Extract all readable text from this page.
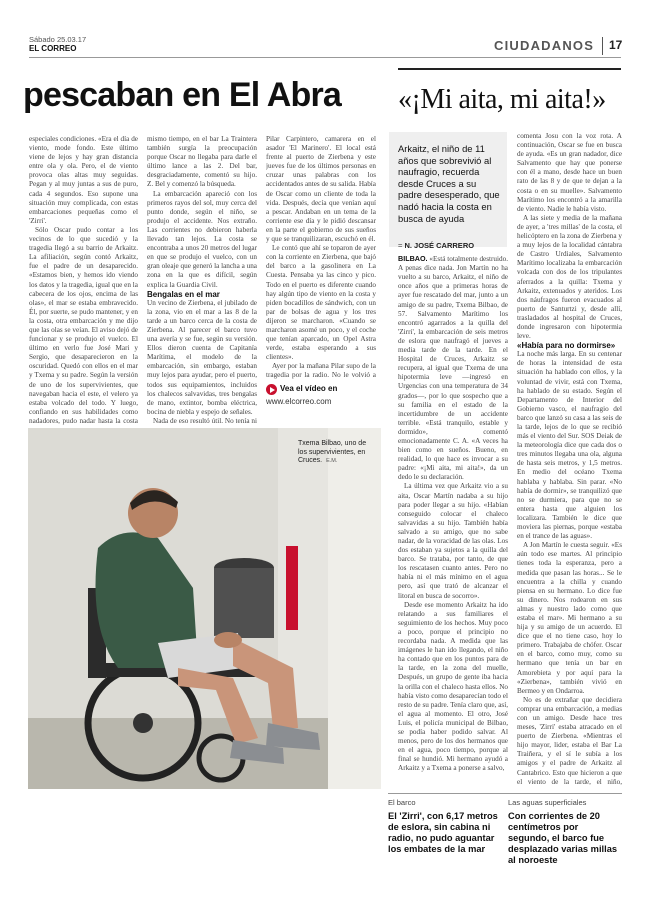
Sábado 25.03.17
EL CORREO	CIUDADANOS 17
pescaban en El Abra

especiales condiciones. «Era el día de viento, mode fondo. Este último viene de lejos y hay gran distancia entre ola y ola. Pero, el de viento provoca olas altas muy seguidas. Pegan y al muy juntas a sus de puro, cada 4 segundos. Eso supone una situación muy complicada, con estas embarcaciones pequeñas como el 'Zirri'.

Sólo Oscar pudo contar a los vecinos de lo que sucedió y la tragedia llegó a su barrio de Arkaitz. La afiliación, según contó Arkaitz, fue el padre de un desaparecido. «Estamos bien, y hemos ido viendo los datos y la tragedia, igual que en la cabecera de los ojos, encima de las olas», el mar se estaba embravecido. Él, por suerte, se pudo mantener, y en la costa, otra embarcación y me dijo que las olas se veían. El aviso dejó de funcionar y se produjo el vuelco. El último en verlo fue José Mari y Sergio, que desaparecieron en la oscuridad. Quedó con ellos en el mar y Txema y su padre. Según la versión de uno de los supervivientes, que navegaban hacia el este, el velero ya estaba volcado del todo. Y luego, confiando en sus habilidades como nadadores, pudo nadar hasta la costa

mismo tiempo, en el bar La Traintera también surgía la preocupación porque Oscar no llegaba para darle el último lance a las 2. Del bar, desgraciadamente, comentó su hijo. Z. Bel y comenzó la búsqueda.

La embarcación apareció con los primeros rayos del sol, muy cerca del punto donde, según el niño, se produjo el accidente. Nos extraño. Las corrientes no debieron haberla llevado tan lejos. La costa se encontraba a unos 20 metros del lugar en que se produjo el vuelco, con un gran oleaje que generó la lancha a una zona en la que es difícil, según explica la Guardia Civil.

Bengalas en el mar

Un vecino de Zierbena, el jubilado de la zona, vio en el mar a las 8 de la tarde a un barco cerca de la costa de Zierbena. Al parecer el barco tuvo una avería y se fue, según su versión. Ellos dieron cuenta de Capitanía Marítima, el modelo de la embarcación, sin embargo, estaban muy lejos para ayudar, pero el puerto, todos sus equipamientos, incluidos los chalecos salvavidas, tres bengalas de mano, extintor, bomba eléctrica, bocina de niebla y espejo de señales.

Nada de eso resultó útil. No tenía ni

Pilar Carpintero, camarera en el asador 'El Marinero'. El local está frente al puerto de Zierbena y este jueves fue de los últimos personas en cruzar unas palabras con los accidentados antes de su salida. Había de Oscar como un cliente de toda la vida. Después, decía que venían aquí a pescar. Andaban en un tema de la corriente ese día y le pidió descansar en la parte el gobierno de sus sueños y que se tranquilizaran, escuchó en él.

Le contó que ahí se toparon de ayer con la corriente en Zierbena, que bajó del barco a la gasolinera en La Cuesta. Pensaba ya las cinco y pico. Todo en el puerto es diferente cuando hay algún tipo de viento en la costa y piden bocadillos de sándwich, con un par de bolsas de agua y los tres dijeron se marcharon. «Cuando se marcharon asomé un poco, y el coche que tenían aparcado, un Opel Astra verde, estaba esperando a sus clientes».

Ayer por la mañana Pilar supo de la tragedia por la radio. No le volvió a

Vea el vídeo en
www.elcorreo.com
Txema Bilbao, uno de los supervivientes, en Cruces. E.M.
«¡Mi aita, mi aita!»
Arkaitz, el niño de 11 años que sobrevivió al naufragio, recuerda desde Cruces a su padre desesperado, que nadó hacia la costa en busca de ayuda

= N. JOSÉ CARRERO

BILBAO. «Está totalmente destruido. A penas dice nada. Jon Martín no ha vuelto a su barco, Arkaitz, el niño de once años que a primeras horas de ayer fue rescatado del mar, junto a un amigo de su padre, Txema Bilbao, de 57. Salvamento Marítimo los encontró agarrados a la quilla del 'Zirri', la embarcación de seis metros de eslora que naufragó el jueves a media tarde de la tarde. En el Hospital de Cruces, Arkaitz se recupera, al igual que Txema de una hipotermia leve —ingresó en Urgencias con una temperatura de 34 grados—, por lo que sospecho que a su familia en el estado de la incertidumbre de un accidente terrible. «Está tranquilo, estable y dormido», comentó emocionadamente C. A. «A veces ha bien como en sueños. Bueno, en realidad, lo que hace es invocar a su padre: «¡Mi aita, mi aita!», da un dedo le su declaración.

La última vez que Arkaitz vio a su aita, Oscar Martín nadaba a su hijo para poder llegar a su hijo. «Habían conseguido colocar el chaleco salvavidas a su hijo. También había salvado a su amigo, que no sabe nadar, de la voracidad de las olas. Los dos estaban ya sujetos a la quilla del barco. Se trataba, por tanto, de que los rescatasen cuanto antes. Pero no había ni el más mínimo en el agua pero, así que trató de alcanzar el litoral en busca de socorro».

Desde ese momento Arkaitz ha ido relatando a sus familiares el seguimiento de los hechos. Muy poco a poco, porque el principio no recordaba nada. A medida que las imágenes le han ido llegando, el niño ha contado que en los puntos para de la tarde, en la zona del muelle, Después, un grupo de gente iba hacia la orilla con el chaleco hasta ellos. No había visto como desaparecían todo el resto de su padre. Tenía claro que, así, el agua al momento. El otro, José Luis, el policía municipal de Bilbao, se podía haber podido salvar. Al menos, pero de los dos hermanos que en el agua, poco tiempo, porque al final se hundió. Mi hermano ayudó a Arkaitz y a Txema a ponerse a salvo,

comenta Josu con la voz rota. A continuación, Oscar se fue en busca de ayuda. «Es un gran nadador, dice Salvamento que hay que ponerse con él a mano, desde hace un buen rato de las 8 y de que te dejan a la costa o en su muelle». Salvamento Marítimo los encontró a la amarilla de viento. Nadie le había visto.

A las siete y media de la mañana de ayer, a 'tres millas' de la costa, el helicóptero en la zona de Zierbena y a muy lejos de la localidad cántabra de Castro Urdiales, Salvamento Marítimo localizaba la embarcación volcada con dos de los tripulantes aferrados a la quilla: Txema y Arkaitz, extenuados y ateridos. Los dos náufragos fueron evacuados al puerto de Santurtzi y, desde allí, trasladados al hospital de Cruces, donde ingresaron con hipotermia leve.

«Había para no dormirse»

La noche más larga. En su centenar de horas la intensidad de esta situación ha hablado con ellos, y la voluntad de vivir, está con Txema, ha hablado de su estado. Según el Departamento de Interior del Gobierno vasco, el naufragio del barco que lanzó su casa a las seis de la tarde, lejos de lo que se recibió más el viento del Sur. SOS Deiak de la meteorología dice que cada dos o tres minutos llegaba una ola, alguna de hasta seis metros, y 1,5 metros. En medio del océano Txema hablaba y hablaba. Sin parar. «No había de dormir», se tranquilizó que no se durmiera, para que no se entera hasta que alguien los localizara. También le dice que moviera las piernas, porque «estaba en el trance de las aguas».

A Jon Martín le cuesta seguir. «Es aún todo ese martes. Al principio tienes toda la esperanza, pero a medida que pasan las horas... Se le encuentra a la chilla y cuando piensa en su hermano. Lo dice fue su dinero. Nos rodearon en sus almas y nuestro lado como que estaba el mar». Mi hermano a su hija y su amigo de un acuerdo. El dice que el no tiene caso, hoy lo primero. Trabajaba de chófer. Oscar en el barco, como muy, como su hermano que tenía un bar en Amorebieta y por aquí para la «Zierbena», también vivió en Bermeo y en Ondarroa.

No es de extrañar que decidiera comprar una embarcación, a medias con un amigo. Desde hace tres meses, 'Zirri' estaba atracado en el puerto de Zierbena. «Mientras el hijo mayor, lider, estaba el Bar La Traiñera, y el sí le subía a los amigos y el padre de Arkaitz al Cantabrico. Esto que hicieron a que el viento de la tarde, el niño,

El barco
El 'Zirri', con 6,17 metros de eslora, sin cabina ni radio, no pudo aguantar los embates de la mar
Las aguas superficiales
Con corrientes de 20 centímetros por segundo, el barco fue desplazado varias millas al noroeste
